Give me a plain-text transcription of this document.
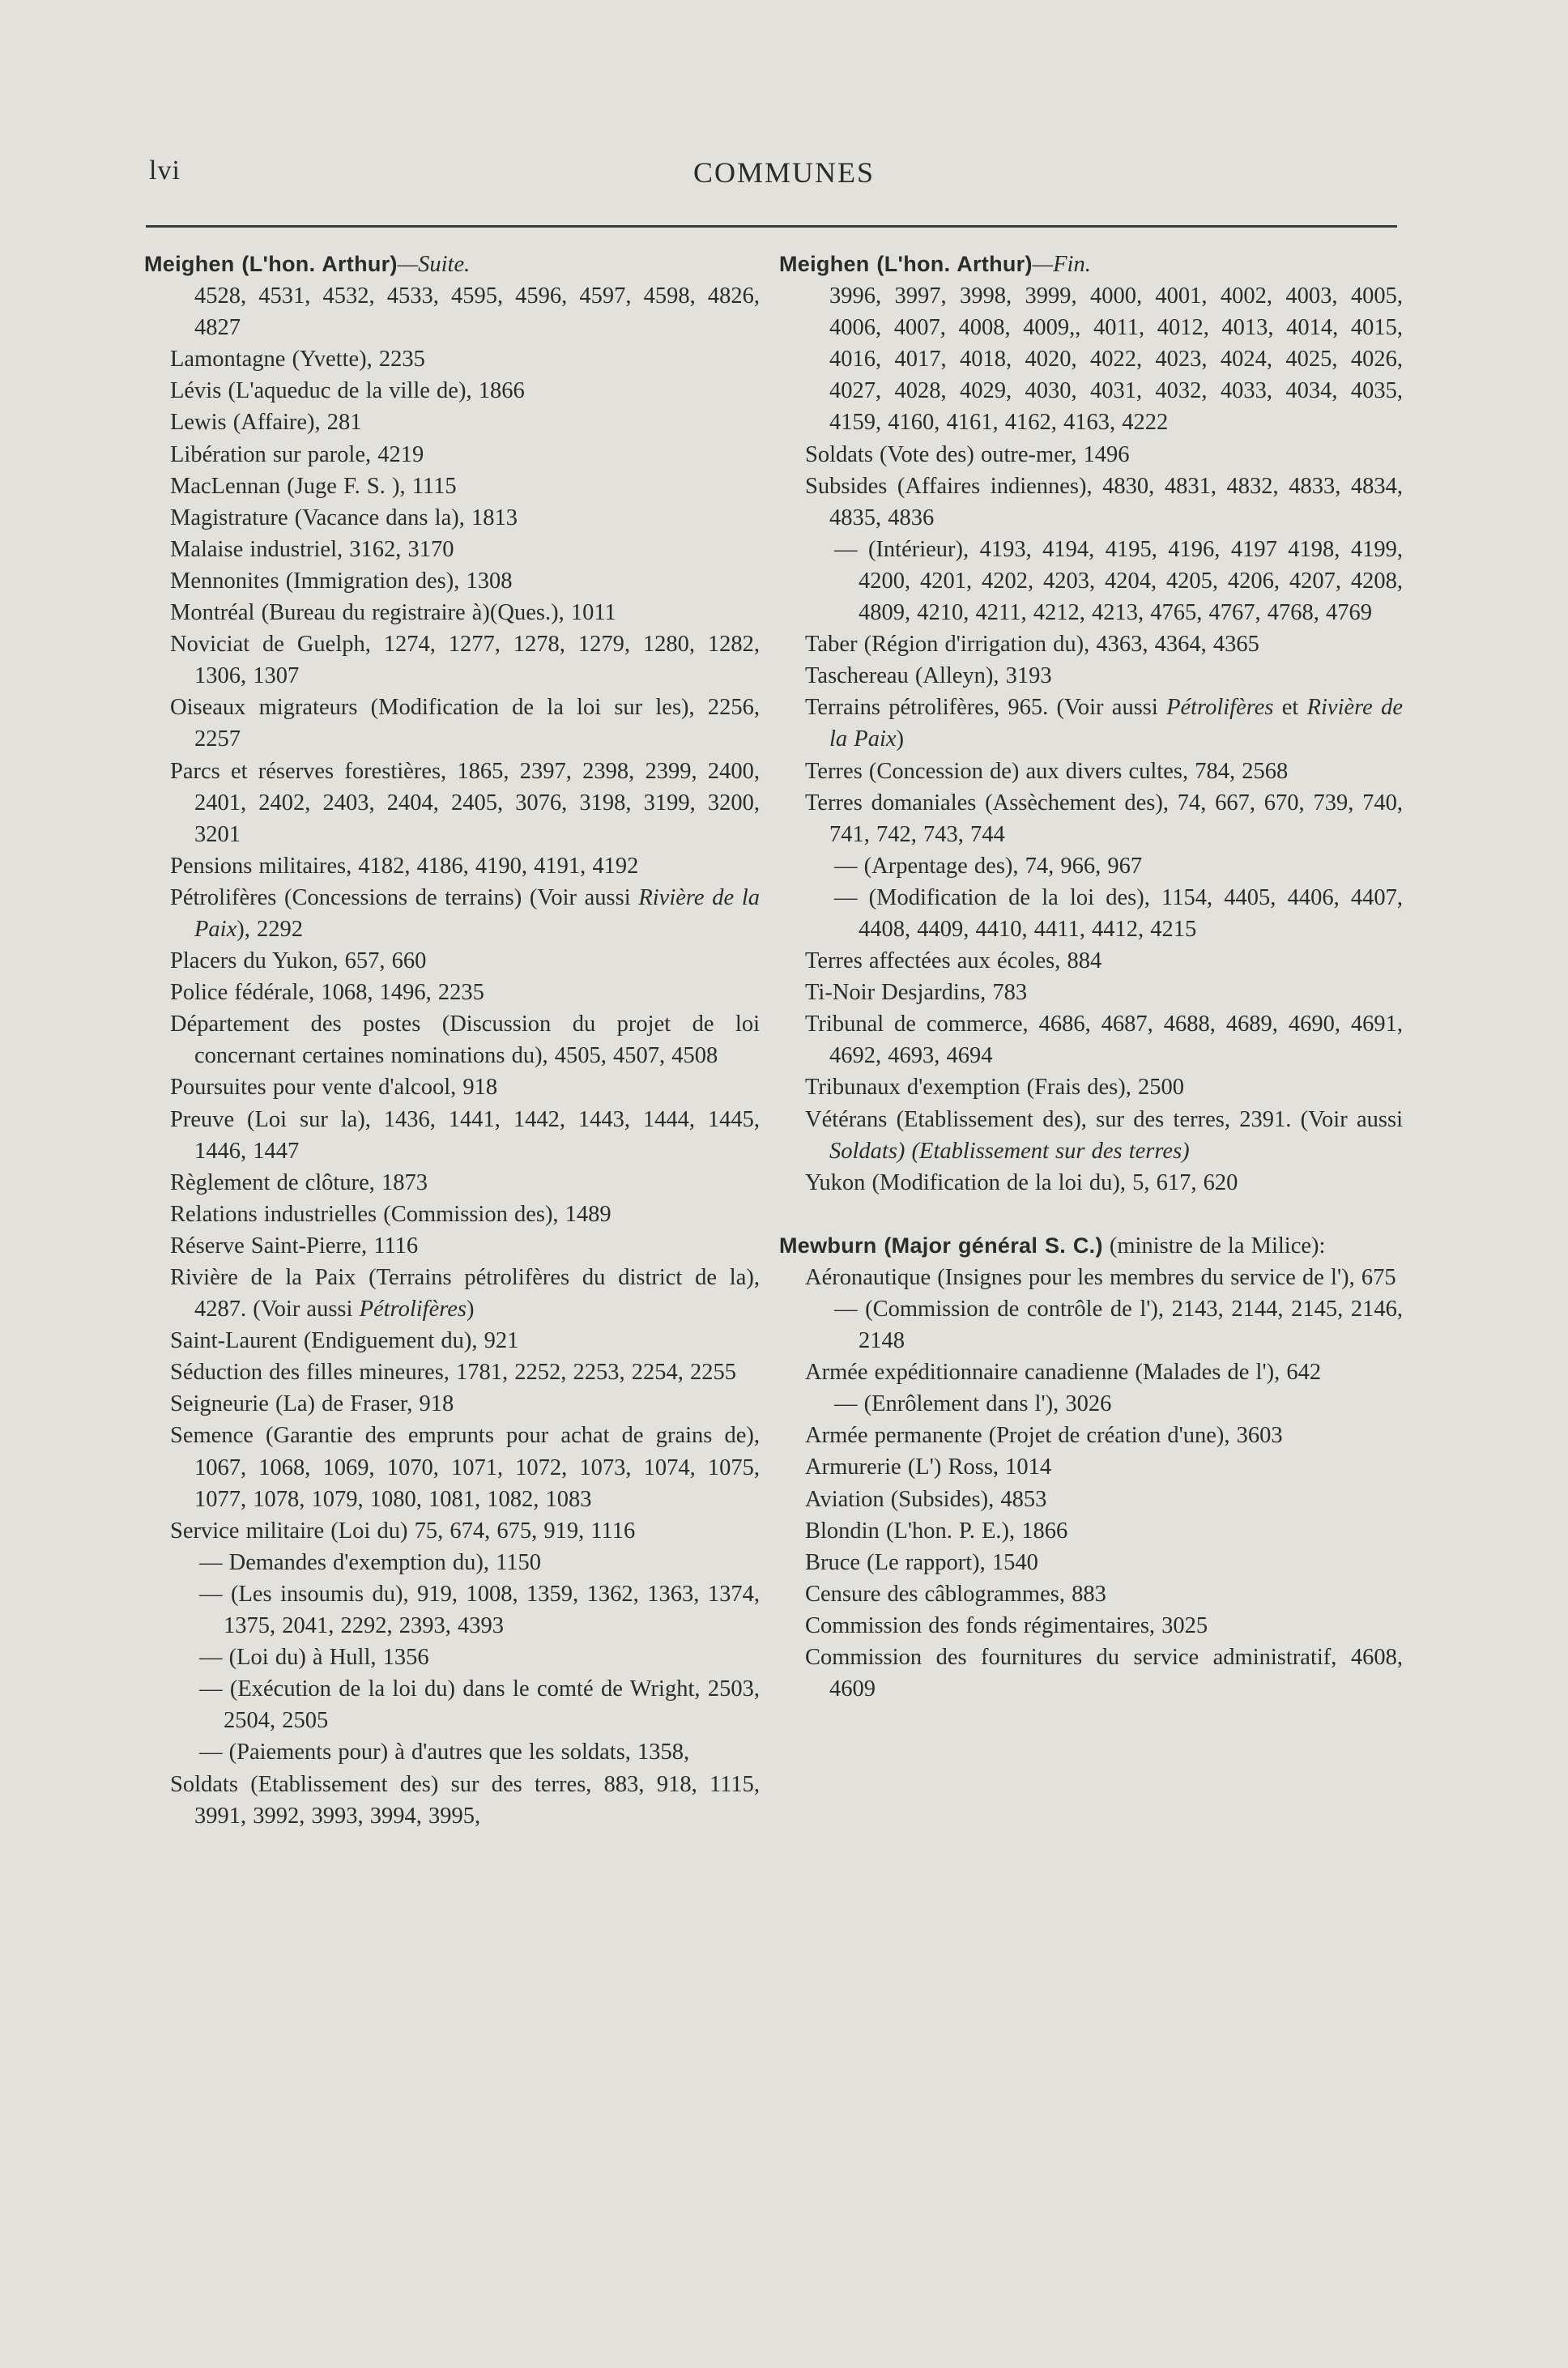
lvi	COMMUNES
Meighen (L'hon. Arthur)—Suite.
4528, 4531, 4532, 4533, 4595, 4596, 4597, 4598, 4826, 4827
Lamontagne (Yvette), 2235
Lévis (L'aqueduc de la ville de), 1866
Lewis (Affaire), 281
Libération sur parole, 4219
MacLennan (Juge F. S. ), 1115
Magistrature (Vacance dans la), 1813
Malaise industriel, 3162, 3170
Mennonites (Immigration des), 1308
Montréal (Bureau du registraire à)(Ques.), 1011
Noviciat de Guelph, 1274, 1277, 1278, 1279, 1280, 1282, 1306, 1307
Oiseaux migrateurs (Modification de la loi sur les), 2256, 2257
Parcs et réserves forestières, 1865, 2397, 2398, 2399, 2400, 2401, 2402, 2403, 2404, 2405, 3076, 3198, 3199, 3200, 3201
Pensions militaires, 4182, 4186, 4190, 4191, 4192
Pétrolifères (Concessions de terrains) (Voir aussi Rivière de la Paix), 2292
Placers du Yukon, 657, 660
Police fédérale, 1068, 1496, 2235
Département des postes (Discussion du projet de loi concernant certaines nominations du), 4505, 4507, 4508
Poursuites pour vente d'alcool, 918
Preuve (Loi sur la), 1436, 1441, 1442, 1443, 1444, 1445, 1446, 1447
Règlement de clôture, 1873
Relations industrielles (Commission des), 1489
Réserve Saint-Pierre, 1116
Rivière de la Paix (Terrains pétrolifères du district de la), 4287. (Voir aussi Pétrolifères)
Saint-Laurent (Endiguement du), 921
Séduction des filles mineures, 1781, 2252, 2253, 2254, 2255
Seigneurie (La) de Fraser, 918
Semence (Garantie des emprunts pour achat de grains de), 1067, 1068, 1069, 1070, 1071, 1072, 1073, 1074, 1075, 1077, 1078, 1079, 1080, 1081, 1082, 1083
Service militaire (Loi du) 75, 674, 675, 919, 1116
— Demandes d'exemption du), 1150
— (Les insoumis du), 919, 1008, 1359, 1362, 1363, 1374, 1375, 2041, 2292, 2393, 4393
— (Loi du) à Hull, 1356
— (Exécution de la loi du) dans le comté de Wright, 2503, 2504, 2505
— (Paiements pour) à d'autres que les soldats, 1358,
Soldats (Etablissement des) sur des terres, 883, 918, 1115, 3991, 3992, 3993, 3994, 3995,
Meighen (L'hon. Arthur)—Fin.
3996, 3997, 3998, 3999, 4000, 4001, 4002, 4003, 4005, 4006, 4007, 4008, 4009,, 4011, 4012, 4013, 4014, 4015, 4016, 4017, 4018, 4020, 4022, 4023, 4024, 4025, 4026, 4027, 4028, 4029, 4030, 4031, 4032, 4033, 4034, 4035, 4159, 4160, 4161, 4162, 4163, 4222
Soldats (Vote des) outre-mer, 1496
Subsides (Affaires indiennes), 4830, 4831, 4832, 4833, 4834, 4835, 4836
— (Intérieur), 4193, 4194, 4195, 4196, 4197 4198, 4199, 4200, 4201, 4202, 4203, 4204, 4205, 4206, 4207, 4208, 4809, 4210, 4211, 4212, 4213, 4765, 4767, 4768, 4769
Taber (Région d'irrigation du), 4363, 4364, 4365
Taschereau (Alleyn), 3193
Terrains pétrolifères, 965. (Voir aussi Pétrolifères et Rivière de la Paix)
Terres (Concession de) aux divers cultes, 784, 2568
Terres domaniales (Assèchement des), 74, 667, 670, 739, 740, 741, 742, 743, 744
— (Arpentage des), 74, 966, 967
— (Modification de la loi des), 1154, 4405, 4406, 4407, 4408, 4409, 4410, 4411, 4412, 4215
Terres affectées aux écoles, 884
Ti-Noir Desjardins, 783
Tribunal de commerce, 4686, 4687, 4688, 4689, 4690, 4691, 4692, 4693, 4694
Tribunaux d'exemption (Frais des), 2500
Vétérans (Etablissement des), sur des terres, 2391. (Voir aussi Soldats) (Etablissement sur des terres)
Yukon (Modification de la loi du), 5, 617, 620
Mewburn (Major général S. C.) (ministre de la Milice):
Aéronautique (Insignes pour les membres du service de l'), 675
— (Commission de contrôle de l'), 2143, 2144, 2145, 2146, 2148
Armée expéditionnaire canadienne (Malades de l'), 642
— (Enrôlement dans l'), 3026
Armée permanente (Projet de création d'une), 3603
Armurerie (L') Ross, 1014
Aviation (Subsides), 4853
Blondin (L'hon. P. E.), 1866
Bruce (Le rapport), 1540
Censure des câblogrammes, 883
Commission des fonds régimentaires, 3025
Commission des fournitures du service administratif, 4608, 4609
